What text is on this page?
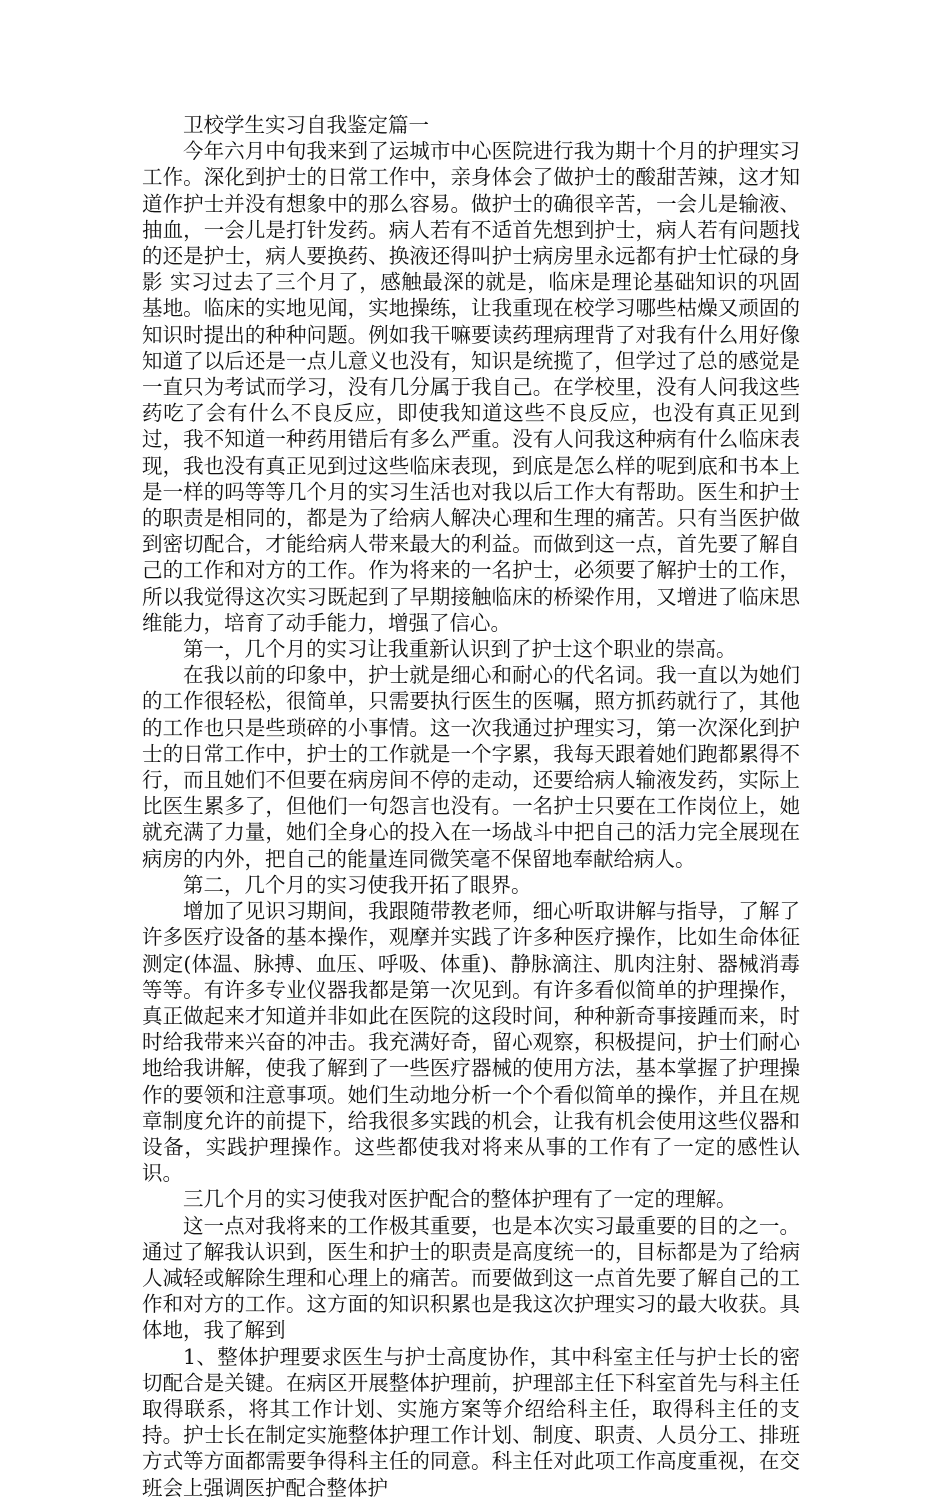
卫校学生实习自我鉴定篇一

今年六月中旬我来到了运城市中心医院进行我为期十个月的护理实习工作。深化到护士的日常工作中，亲身体会了做护士的酸甜苦辣，这才知道作护士并没有想象中的那么容易。做护士的确很辛苦，一会儿是输液、抽血，一会儿是打针发药。病人若有不适首先想到护士，病人若有问题找的还是护士，病人要换药、换液还得叫护士病房里永远都有护士忙碌的身影 实习过去了三个月了，感触最深的就是，临床是理论基础知识的巩固基地。临床的实地见闻，实地操练，让我重现在校学习哪些枯燥又顽固的知识时提出的种种问题。例如我干嘛要读药理病理背了对我有什么用好像知道了以后还是一点儿意义也没有，知识是统揽了，但学过了总的感觉是一直只为考试而学习，没有几分属于我自己。在学校里，没有人问我这些药吃了会有什么不良反应，即使我知道这些不良反应，也没有真正见到过，我不知道一种药用错后有多么严重。没有人问我这种病有什么临床表现，我也没有真正见到过这些临床表现，到底是怎么样的呢到底和书本上是一样的吗等等几个月的实习生活也对我以后工作大有帮助。医生和护士的职责是相同的，都是为了给病人解决心理和生理的痛苦。只有当医护做到密切配合，才能给病人带来最大的利益。而做到这一点，首先要了解自己的工作和对方的工作。作为将来的一名护士，必须要了解护士的工作，所以我觉得这次实习既起到了早期接触临床的桥梁作用，又增进了临床思维能力，培育了动手能力，增强了信心。

第一，几个月的实习让我重新认识到了护士这个职业的崇高。

在我以前的印象中，护士就是细心和耐心的代名词。我一直以为她们的工作很轻松，很简单，只需要执行医生的医嘱，照方抓药就行了，其他的工作也只是些琐碎的小事情。这一次我通过护理实习，第一次深化到护士的日常工作中，护士的工作就是一个字累，我每天跟着她们跑都累得不行，而且她们不但要在病房间不停的走动，还要给病人输液发药，实际上比医生累多了，但他们一句怨言也没有。一名护士只要在工作岗位上，她就充满了力量，她们全身心的投入在一场战斗中把自己的活力完全展现在病房的内外，把自己的能量连同微笑毫不保留地奉献给病人。

第二，几个月的实习使我开拓了眼界。

增加了见识习期间，我跟随带教老师，细心听取讲解与指导，了解了许多医疗设备的基本操作，观摩并实践了许多种医疗操作，比如生命体征测定(体温、脉搏、血压、呼吸、体重)、静脉滴注、肌肉注射、器械消毒等等。有许多专业仪器我都是第一次见到。有许多看似简单的护理操作，真正做起来才知道并非如此在医院的这段时间，种种新奇事接踵而来，时时给我带来兴奋的冲击。我充满好奇，留心观察，积极提问，护士们耐心地给我讲解，使我了解到了一些医疗器械的使用方法，基本掌握了护理操作的要领和注意事项。她们生动地分析一个个看似简单的操作，并且在规章制度允许的前提下，给我很多实践的机会，让我有机会使用这些仪器和设备，实践护理操作。这些都使我对将来从事的工作有了一定的感性认识。

三几个月的实习使我对医护配合的整体护理有了一定的理解。

这一点对我将来的工作极其重要，也是本次实习最重要的目的之一。通过了解我认识到，医生和护士的职责是高度统一的，目标都是为了给病人减轻或解除生理和心理上的痛苦。而要做到这一点首先要了解自己的工作和对方的工作。这方面的知识积累也是我这次护理实习的最大收获。具体地，我了解到

1、整体护理要求医生与护士高度协作，其中科室主任与护士长的密切配合是关键。在病区开展整体护理前，护理部主任下科室首先与科主任取得联系，将其工作计划、实施方案等介绍给科主任，取得科主任的支持。护士长在制定实施整体护理工作计划、制度、职责、人员分工、排班方式等方面都需要争得科主任的同意。科主任对此项工作高度重视，在交班会上强调医护配合整体护
